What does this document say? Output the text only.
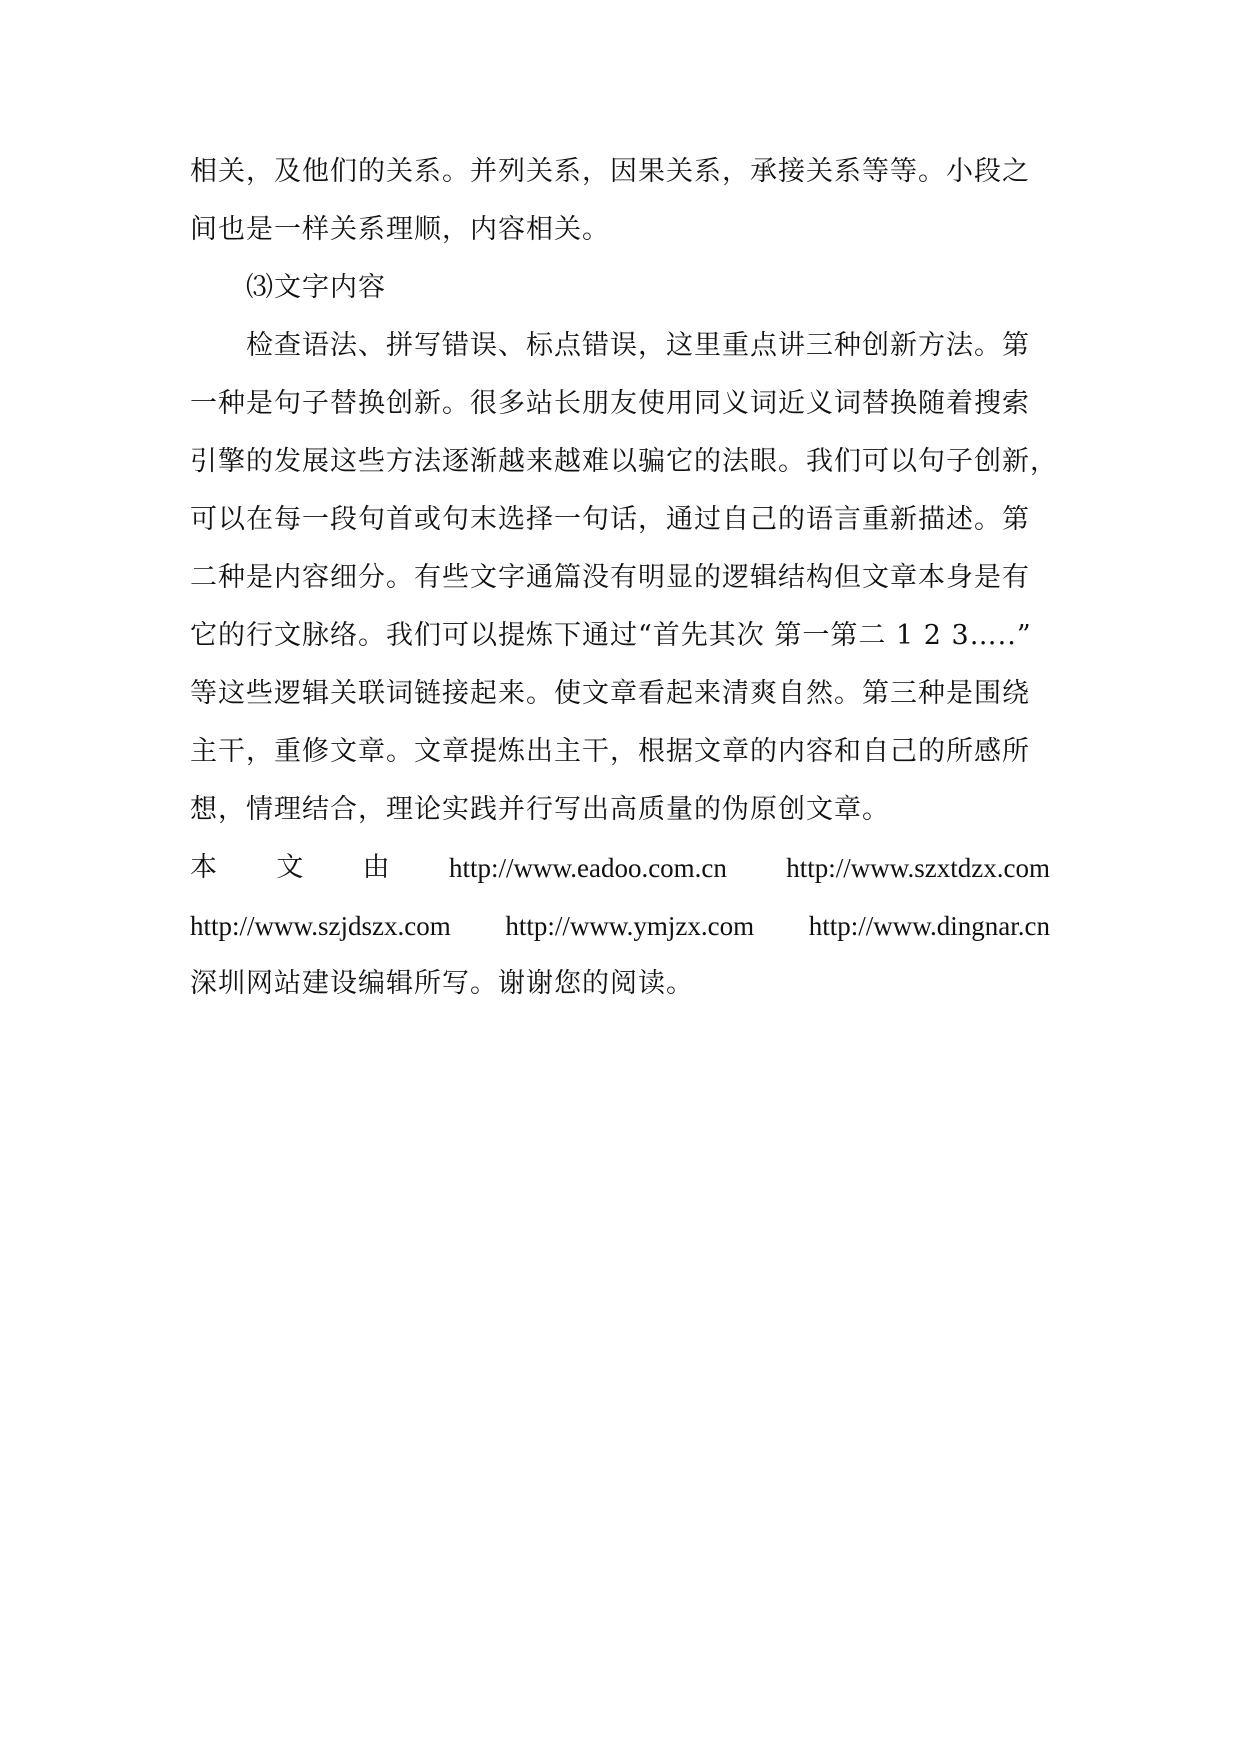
相关，及他们的关系。并列关系，因果关系，承接关系等等。小段之
间也是一样关系理顺，内容相关。
⑶文字内容
检查语法、拼写错误、标点错误，这里重点讲三种创新方法。第
一种是句子替换创新。很多站长朋友使用同义词近义词替换随着搜索
引擎的发展这些方法逐渐越来越难以骗它的法眼。我们可以句子创新，
可以在每一段句首或句末选择一句话，通过自己的语言重新描述。第
二种是内容细分。有些文字通篇没有明显的逻辑结构但文章本身是有
它的行文脉络。我们可以提炼下通过“首先其次 第一第二 1 2 3…..”
等这些逻辑关联词链接起来。使文章看起来清爽自然。第三种是围绕
主干，重修文章。文章提炼出主干，根据文章的内容和自己的所感所
想，情理结合，理论实践并行写出高质量的伪原创文章。
本 文 由 http://www.eadoo.com.cn http://www.szxtdzx.com
http://www.szjdszx.com http://www.ymjzx.com http://www.dingnar.cn
深圳网站建设编辑所写。谢谢您的阅读。
